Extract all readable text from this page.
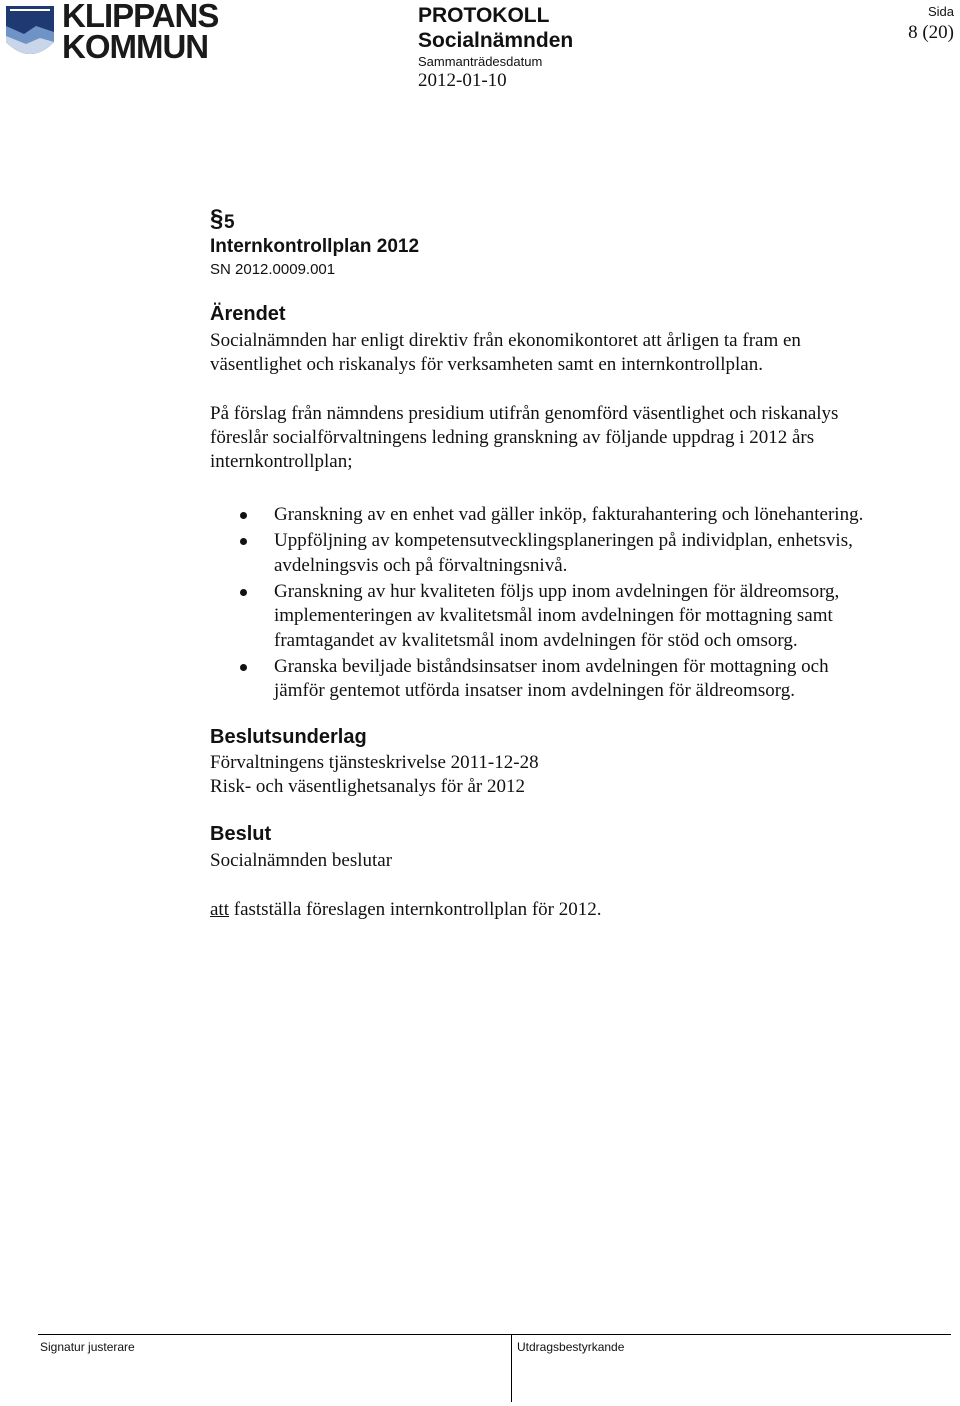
KLIPPANS
KOMMUN
PROTOKOLL
Socialnämnden
Sammanträdesdatum
2012-01-10
Sida
8 (20)
§ 5
Internkontrollplan 2012
SN 2012.0009.001
Ärendet
Socialnämnden har enligt direktiv från ekonomikontoret att årligen ta fram en
väsentlighet och riskanalys för verksamheten samt en internkontrollplan.
På förslag från nämndens presidium utifrån genomförd väsentlighet och riskanalys
föreslår socialförvaltningens ledning granskning av följande uppdrag i 2012 års
internkontrollplan;
Granskning av en enhet vad gäller inköp, fakturahantering och lönehantering.
Uppföljning av kompetensutvecklingsplaneringen på individplan, enhetsvis,
avdelningsvis och på förvaltningsnivå.
Granskning av hur kvaliteten följs upp inom avdelningen för äldreomsorg,
implementeringen av kvalitetsmål inom avdelningen för mottagning samt
framtagandet av kvalitetsmål inom avdelningen för stöd och omsorg.
Granska beviljade biståndsinsatser inom avdelningen för mottagning och
jämför gentemot utförda insatser inom avdelningen för äldreomsorg.
Beslutsunderlag
Förvaltningens tjänsteskrivelse 2011-12-28
Risk- och väsentlighetsanalys för år 2012
Beslut
Socialnämnden beslutar
att fastställa föreslagen internkontrollplan för 2012.
Signatur justerare	Utdragsbestyrkande
